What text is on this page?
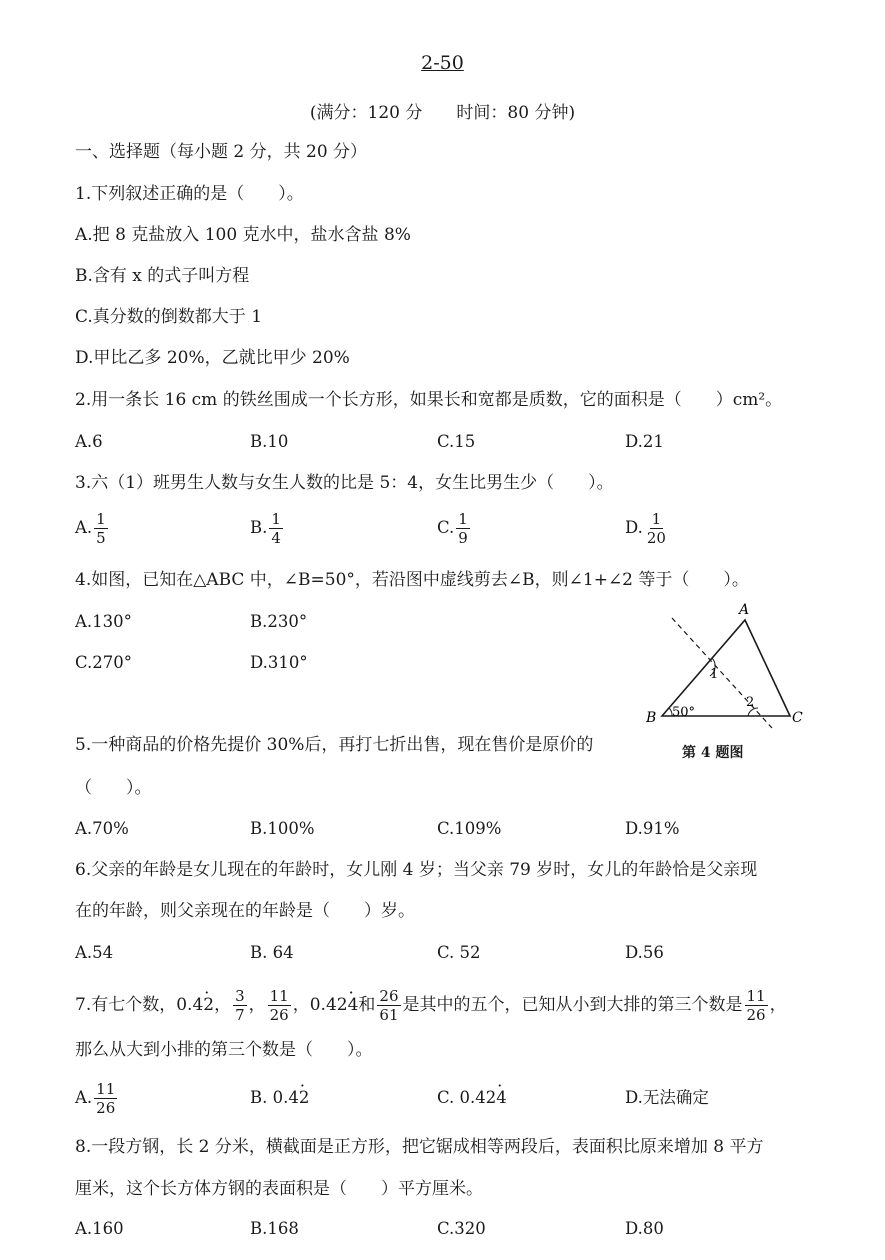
2-50
(满分：120 分　　时间：80 分钟)
一、选择题（每小题 2 分，共 20 分）
1.下列叙述正确的是（　　）。
A.把 8 克盐放入 100 克水中，盐水含盐 8%
B.含有 x 的式子叫方程
C.真分数的倒数都大于 1
D.甲比乙多 20%，乙就比甲少 20%
2.用一条长 16 cm 的铁丝围成一个长方形，如果长和宽都是质数，它的面积是（　　）cm²。
A.6	B.10	C.15	D.21
3.六（1）班男生人数与女生人数的比是 5：4，女生比男生少（　　）。
A. $\frac{1}{5}$	B. $\frac{1}{4}$	C. $\frac{1}{9}$	D. $\frac{1}{20}$
4.如图，已知在△ABC 中，∠B=50°，若沿图中虚线剪去∠B，则∠1+∠2 等于（　　）。
A.130°	B.230°
C.270°	D.310°
A
B	C
50°
1
2
第 4 题图
5.一种商品的价格先提价 30%后，再打七折出售，现在售价是原价的
（　　）。
A.70%	B.100%	C.109%	D.91%
6.父亲的年龄是女儿现在的年龄时，女儿刚 4 岁；当父亲 79 岁时，女儿的年龄恰是父亲现
在的年龄，则父亲现在的年龄是（　　）岁。
A.54	B. 64	C. 52	D.56
7.有七个数，0.42 ·， $\frac{3}{7}$ ， $\frac{11}{26}$ ，0.424 ·和 $\frac{26}{61}$ 是其中的五个，已知从小到大排的第三个数是 $\frac{11}{26}$ ，
那么从大到小排的第三个数是（　　）。
A. $\frac{11}{26}$	B. 0.42 ·	C. 0.424 ·	D.无法确定
8.一段方钢，长 2 分米，横截面是正方形，把它锯成相等两段后，表面积比原来增加 8 平方
厘米，这个长方体方钢的表面积是（　　）平方厘米。
A.160	B.168	C.320	D.80
